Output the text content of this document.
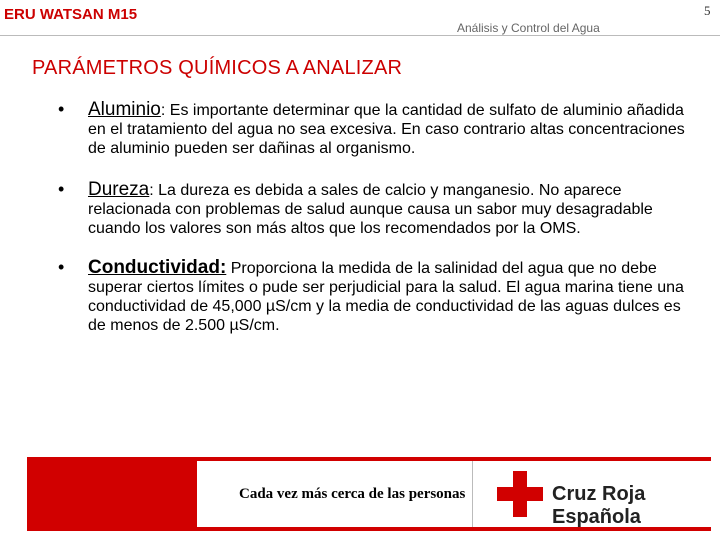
ERU WATSAN M15
Análisis y Control del Agua
5
PARÁMETROS QUÍMICOS A ANALIZAR
• Aluminio: Es importante determinar que la cantidad de sulfato de aluminio añadida en el tratamiento del agua no sea excesiva. En caso contrario altas concentraciones de aluminio pueden ser dañinas al organismo.
• Dureza: La dureza es debida a sales de calcio y manganesio. No aparece relacionada con problemas de salud aunque causa un sabor muy desagradable cuando los valores son más altos que los recomendados por la OMS.
• Conductividad: Proporciona la medida de la salinidad del agua que no debe superar ciertos límites o pude ser perjudicial para la salud. El agua marina tiene una conductividad de 45,000 µS/cm y la media de conductividad de las aguas dulces es de menos de 2.500 µS/cm.
Cada vez más cerca de las personas	Cruz Roja Española
